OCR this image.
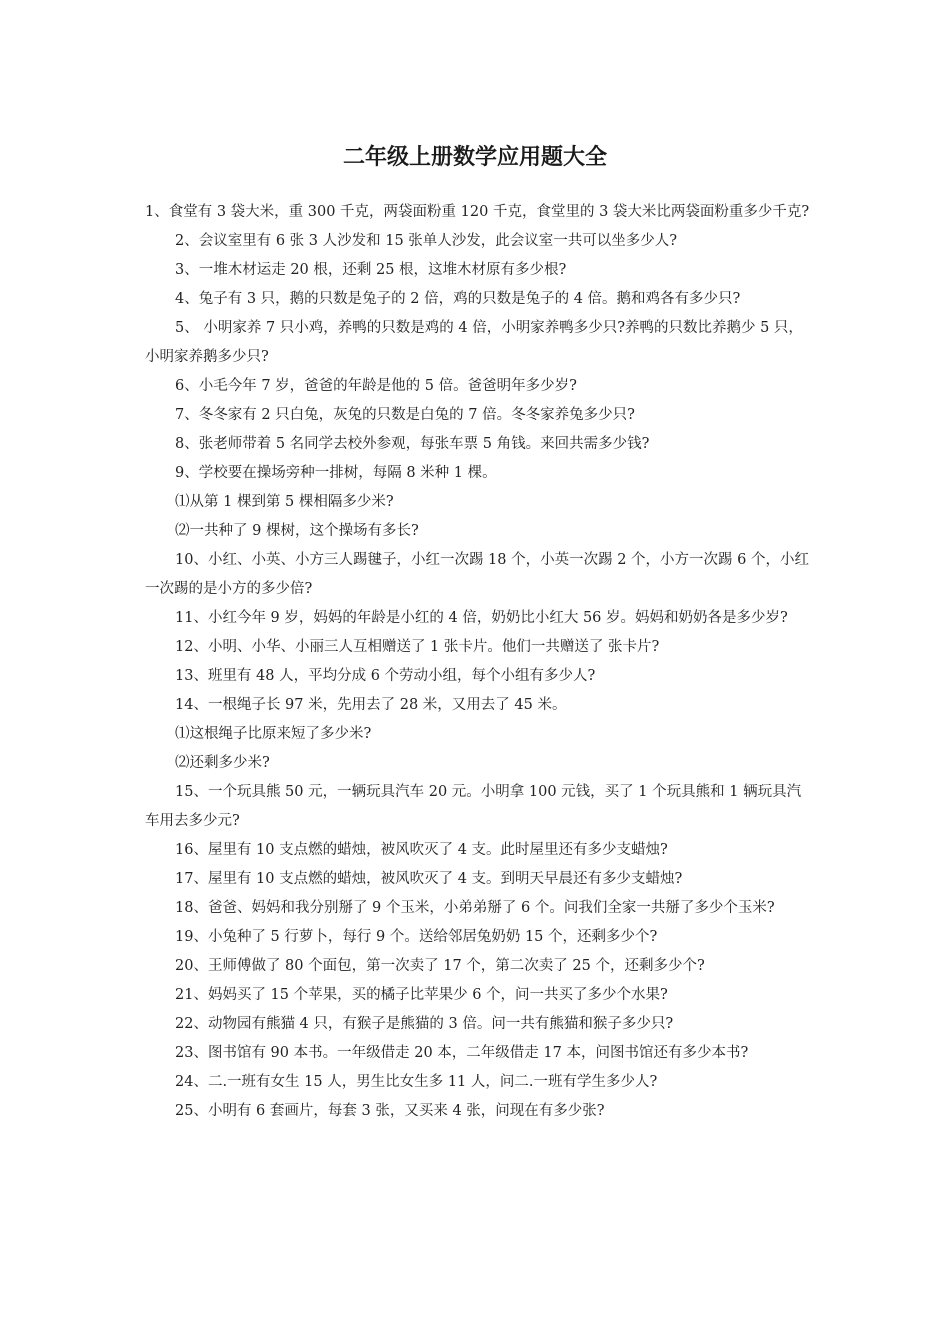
二年级上册数学应用题大全

1、食堂有 3 袋大米，重 300 千克，两袋面粉重 120 千克，食堂里的 3 袋大米比两袋面粉重多少千克?

2、会议室里有 6 张 3 人沙发和 15 张单人沙发，此会议室一共可以坐多少人?

3、一堆木材运走 20 根，还剩 25 根，这堆木材原有多少根?

4、兔子有 3 只，鹅的只数是兔子的 2 倍，鸡的只数是兔子的 4 倍。鹅和鸡各有多少只?

5、 小明家养 7 只小鸡，养鸭的只数是鸡的 4 倍，小明家养鸭多少只?养鸭的只数比养鹅少 5 只，小明家养鹅多少只?

6、小毛今年 7 岁，爸爸的年龄是他的 5 倍。爸爸明年多少岁?

7、冬冬家有 2 只白兔，灰兔的只数是白兔的 7 倍。冬冬家养兔多少只?

8、张老师带着 5 名同学去校外参观，每张车票 5 角钱。来回共需多少钱?

9、学校要在操场旁种一排树，每隔 8 米种 1 棵。

⑴从第 1 棵到第 5 棵相隔多少米?

⑵一共种了 9 棵树，这个操场有多长?

10、小红、小英、小方三人踢毽子，小红一次踢 18 个，小英一次踢 2 个，小方一次踢 6 个，小红一次踢的是小方的多少倍?

11、小红今年 9 岁，妈妈的年龄是小红的 4 倍，奶奶比小红大 56 岁。妈妈和奶奶各是多少岁?

12、小明、小华、小丽三人互相赠送了 1 张卡片。他们一共赠送了 张卡片?

13、班里有 48 人，平均分成 6 个劳动小组，每个小组有多少人?

14、一根绳子长 97 米，先用去了 28 米，又用去了 45 米。

⑴这根绳子比原来短了多少米?

⑵还剩多少米?

15、一个玩具熊 50 元，一辆玩具汽车 20 元。小明拿 100 元钱，买了 1 个玩具熊和 1 辆玩具汽车用去多少元?

16、屋里有 10 支点燃的蜡烛，被风吹灭了 4 支。此时屋里还有多少支蜡烛?

17、屋里有 10 支点燃的蜡烛，被风吹灭了 4 支。到明天早晨还有多少支蜡烛?

18、爸爸、妈妈和我分别掰了 9 个玉米，小弟弟掰了 6 个。问我们全家一共掰了多少个玉米?

19、小兔种了 5 行萝卜，每行 9 个。送给邻居兔奶奶 15 个，还剩多少个?

20、王师傅做了 80 个面包，第一次卖了 17 个，第二次卖了 25 个，还剩多少个?

21、妈妈买了 15 个苹果，买的橘子比苹果少 6 个，问一共买了多少个水果?

22、动物园有熊猫 4 只，有猴子是熊猫的 3 倍。问一共有熊猫和猴子多少只?

23、图书馆有 90 本书。一年级借走 20 本，二年级借走 17 本，问图书馆还有多少本书?

24、二.一班有女生 15 人，男生比女生多 11 人，问二.一班有学生多少人?

25、小明有 6 套画片，每套 3 张，又买来 4 张，问现在有多少张?
